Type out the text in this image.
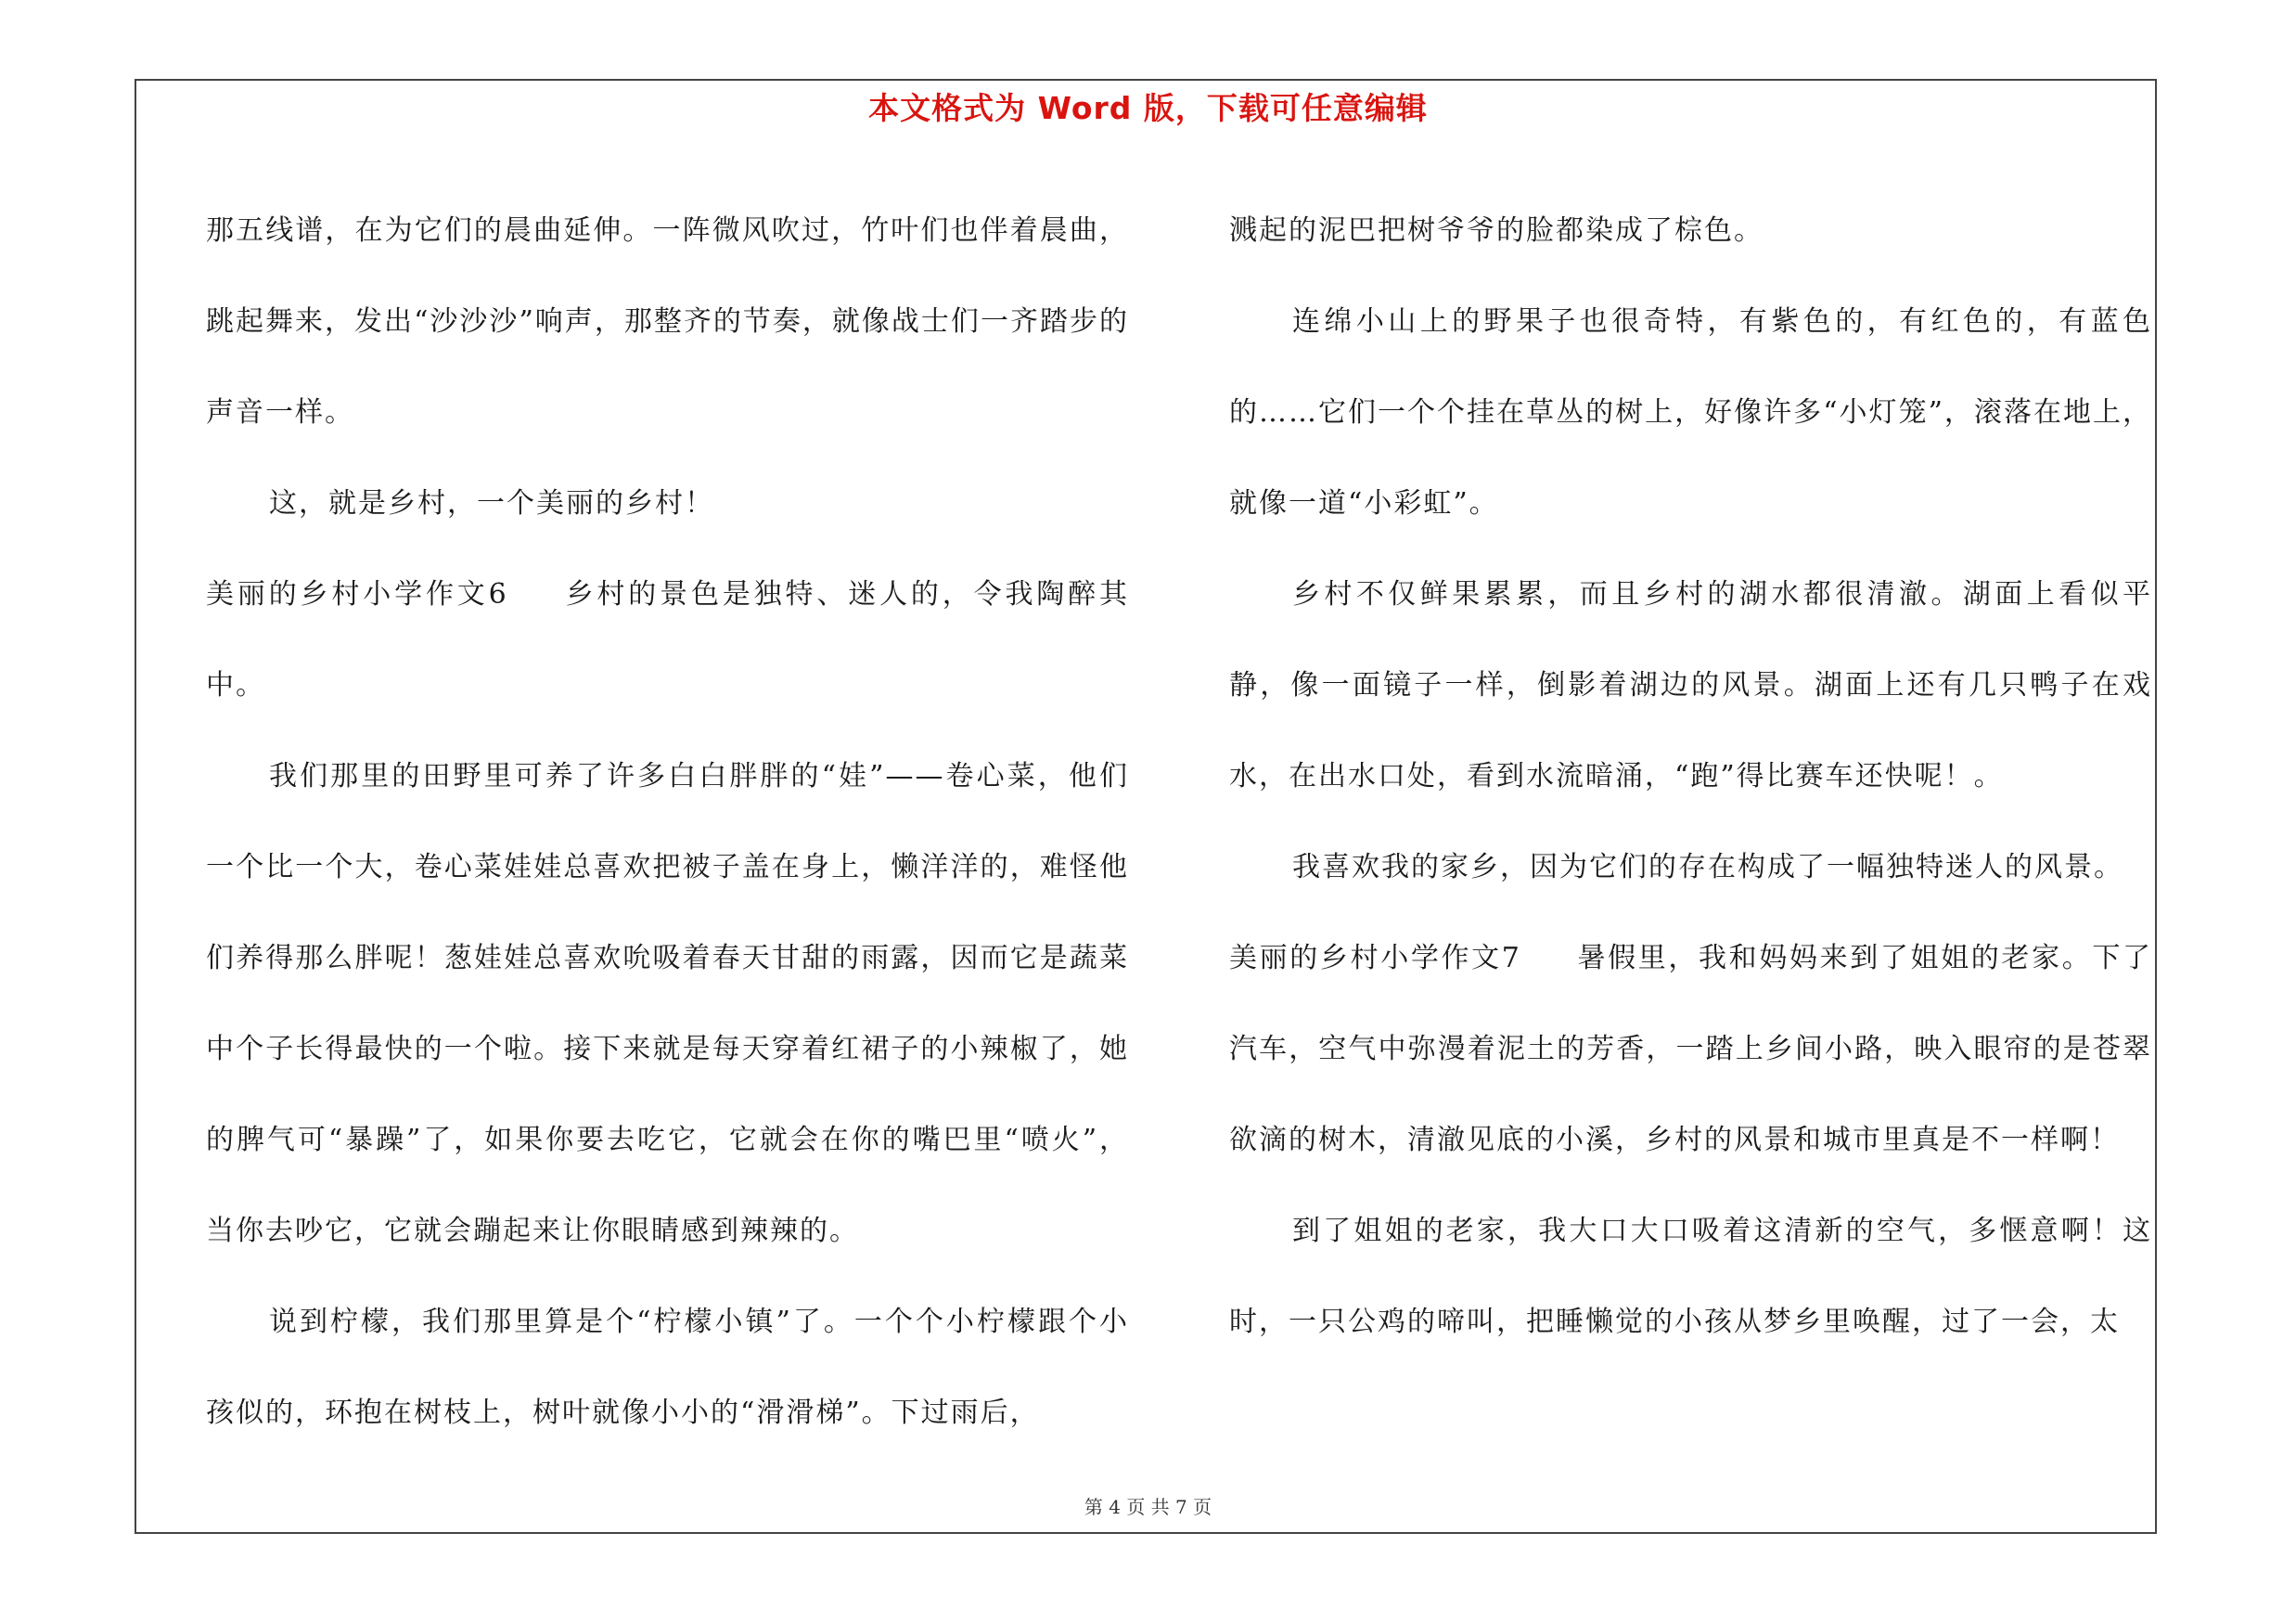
本文格式为 Word 版，下载可任意编辑

那五线谱，在为它们的晨曲延伸。一阵微风吹过，竹叶们也伴着晨曲，跳起舞来，发出“沙沙沙”响声，那整齐的节奏，就像战士们一齐踏步的声音一样。

这，就是乡村，一个美丽的乡村！

美丽的乡村小学作文6 乡村的景色是独特、迷人的，令我陶醉其中。

我们那里的田野里可养了许多白白胖胖的“娃”——卷心菜，他们一个比一个大，卷心菜娃娃总喜欢把被子盖在身上，懒洋洋的，难怪他们养得那么胖呢！葱娃娃总喜欢吮吸着春天甘甜的雨露，因而它是蔬菜中个子长得最快的一个啦。接下来就是每天穿着红裙子的小辣椒了，她的脾气可“暴躁”了，如果你要去吃它，它就会在你的嘴巴里“喷火”，当你去吵它，它就会蹦起来让你眼睛感到辣辣的。

说到柠檬，我们那里算是个“柠檬小镇”了。一个个小柠檬跟个小孩似的，环抱在树枝上，树叶就像小小的“滑滑梯”。下过雨后，

溅起的泥巴把树爷爷的脸都染成了棕色。

连绵小山上的野果子也很奇特，有紫色的，有红色的，有蓝色的……它们一个个挂在草丛的树上，好像许多“小灯笼”，滚落在地上，就像一道“小彩虹”。

乡村不仅鲜果累累，而且乡村的湖水都很清澈。湖面上看似平静，像一面镜子一样，倒影着湖边的风景。湖面上还有几只鸭子在戏水，在出水口处，看到水流暗涌，“跑”得比赛车还快呢！。

我喜欢我的家乡，因为它们的存在构成了一幅独特迷人的风景。

美丽的乡村小学作文7 暑假里，我和妈妈来到了姐姐的老家。下了汽车，空气中弥漫着泥土的芳香，一踏上乡间小路，映入眼帘的是苍翠欲滴的树木，清澈见底的小溪，乡村的风景和城市里真是不一样啊！

到了姐姐的老家，我大口大口吸着这清新的空气，多惬意啊！这时，一只公鸡的啼叫，把睡懒觉的小孩从梦乡里唤醒，过了一会，太

第 4 页 共 7 页
